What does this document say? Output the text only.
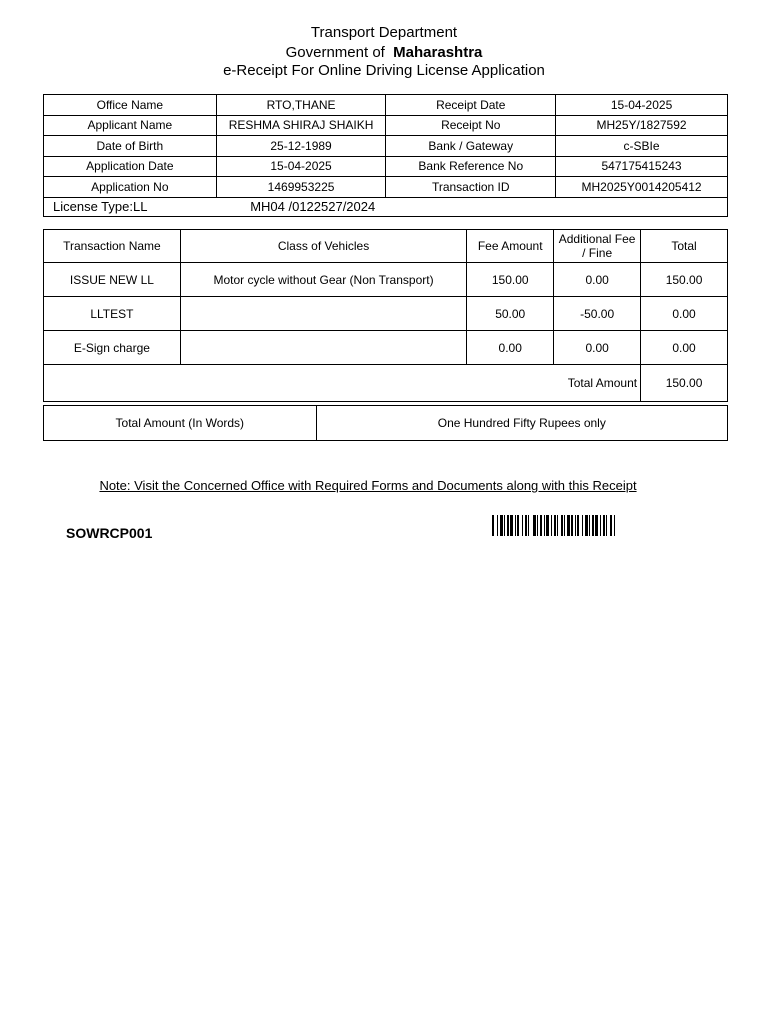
Transport Department
Government of Maharashtra
e-Receipt For Online Driving License Application
Office Name	RTO,THANE	Receipt Date	15-04-2025
Applicant Name	RESHMA SHIRAJ SHAIKH	Receipt No	MH25Y/1827592
Date of Birth	25-12-1989	Bank / Gateway	c-SBIe
Application Date	15-04-2025	Bank Reference No	547175415243
Application No	1469953225	Transaction ID	MH2025Y0014205412
License Type:LL	MH04 /0122527/2024		
Transaction Name	Class of Vehicles	Fee Amount	Additional Fee / Fine	Total
ISSUE NEW LL	Motor cycle without Gear (Non Transport)	150.00	0.00	150.00
LLTEST		50.00	-50.00	0.00
E-Sign charge		0.00	0.00	0.00
			Total Amount	150.00
Total Amount (In Words)	One Hundred Fifty Rupees only
Note: Visit the Concerned Office with Required Forms and Documents along with this Receipt
SOWRCP001
